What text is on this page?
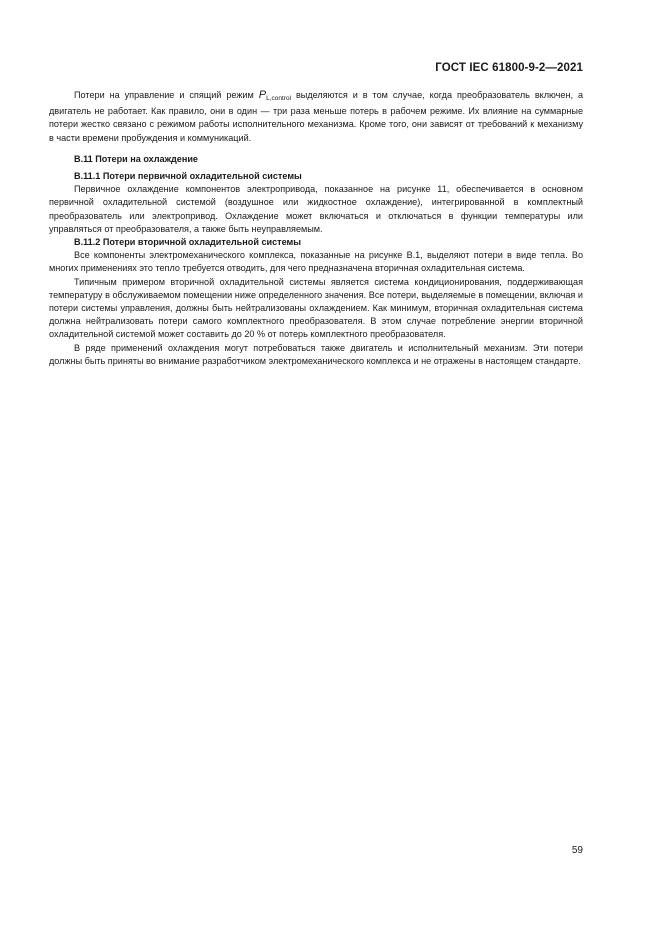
ГОСТ IEC 61800-9-2—2021

Потери на управление и спящий режим $P_{L,control}$ выделяются и в том случае, когда преобразователь включен, а двигатель не работает. Как правило, они в один — три раза меньше потерь в рабочем режиме. Их влияние на суммарные потери жестко связано с режимом работы исполнительного механизма. Кроме того, они зависят от требований к механизму в части времени пробуждения и коммуникаций.

B.11 Потери на охлаждение
B.11.1 Потери первичной охладительной системы

Первичное охлаждение компонентов электропривода, показанное на рисунке 11, обеспечивается в основном первичной охладительной системой (воздушное или жидкостное охлаждение), интегрированной в комплектный преобразователь или электропривод. Охлаждение может включаться и отключаться в функции температуры или управляться от преобразователя, а также быть неуправляемым.

B.11.2 Потери вторичной охладительной системы

Все компоненты электромеханического комплекса, показанные на рисунке B.1, выделяют потери в виде тепла. Во многих применениях это тепло требуется отводить, для чего предназначена вторичная охладительная система.

Типичным примером вторичной охладительной системы является система кондиционирования, поддерживающая температуру в обслуживаемом помещении ниже определенного значения. Все потери, выделяемые в помещении, включая и потери системы управления, должны быть нейтрализованы охлаждением. Как минимум, вторичная охладительная система должна нейтрализовать потери самого комплектного преобразователя. В этом случае потребление энергии вторичной охладительной системой может составить до 20 % от потерь комплектного преобразователя.

В ряде применений охлаждения могут потребоваться также двигатель и исполнительный механизм. Эти потери должны быть приняты во внимание разработчиком электромеханического комплекса и не отражены в настоящем стандарте.

59
